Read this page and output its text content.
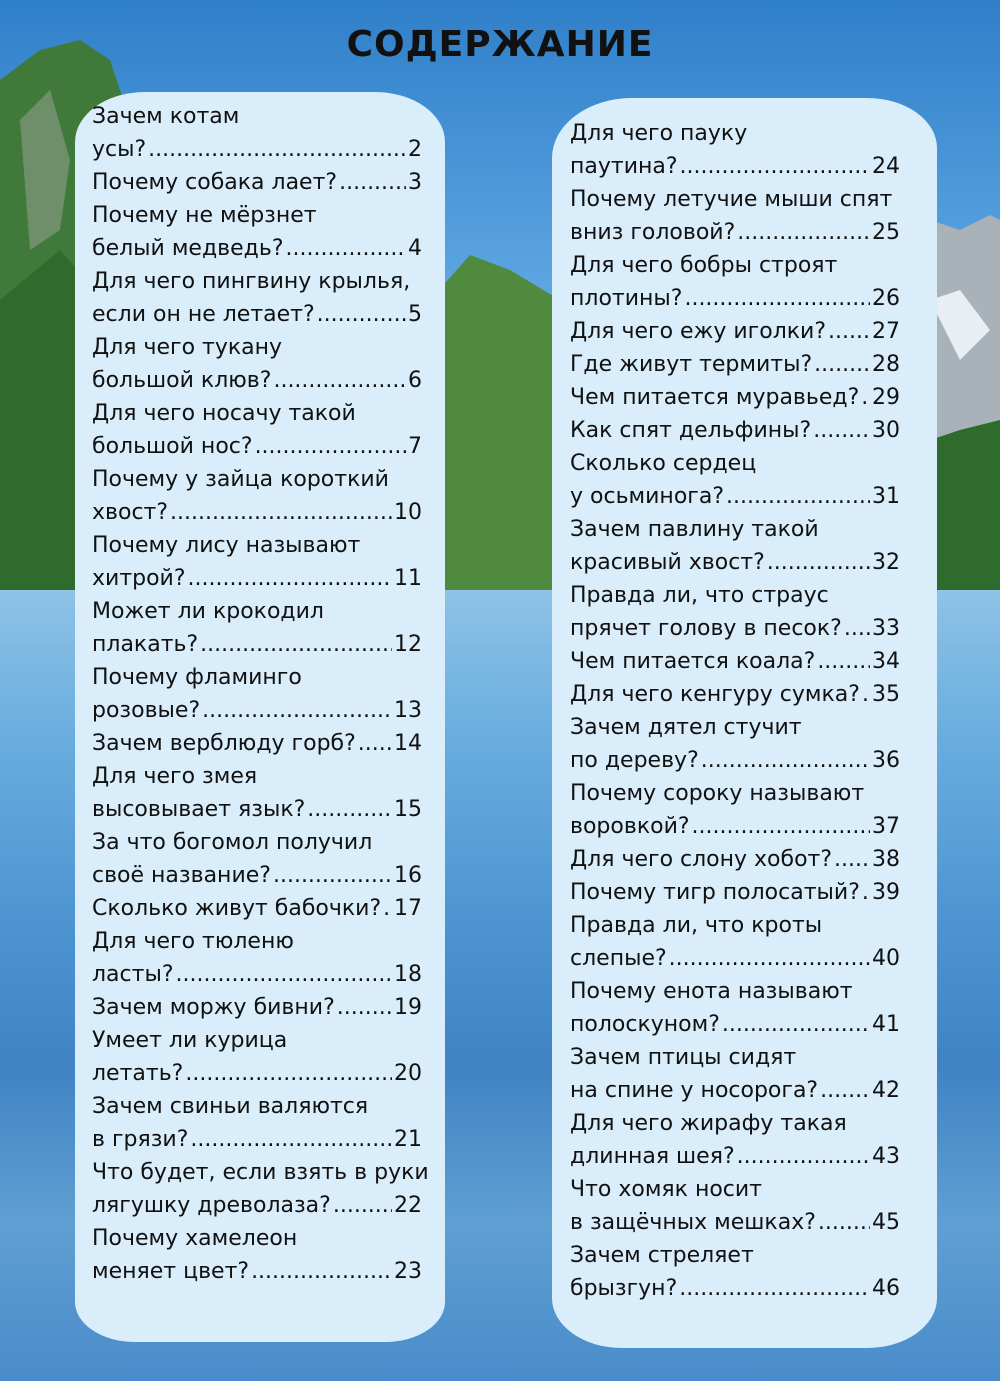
СОДЕРЖАНИЕ
Зачем котам
усы? .....	2
Почему собака лает? .....	3
Почему не мёрзнет
белый медведь? .....	4
Для чего пингвину крылья,
если он не летает? .....	5
Для чего тукану
большой клюв? .....	6
Для чего носачу такой
большой нос? .....	7
Почему у зайца короткий
хвост? .....	10
Почему лису называют
хитрой? .....	11
Может ли крокодил
плакать? .....	12
Почему фламинго
розовые? .....	13
Зачем верблюду горб? ..... 14
Для чего змея
высовывает язык? .....	15
За что богомол получил
своё название? .....	16
Сколько живут бабочки? ..... 17
Для чего тюленю
ласты? .....	18
Зачем моржу бивни? .....	19
Умеет ли курица
летать? .....	20
Зачем свиньи валяются
в грязи? .....	21
Что будет, если взять в руки
лягушку древолаза? .....	22
Почему хамелеон
меняет цвет? .....	23
Для чего пауку
паутина? .....	24
Почему летучие мыши спят
вниз головой? .....	25
Для чего бобры строят
плотины? .....	26
Для чего ежу иголки? ..... 27
Где живут термиты? .....	28
Чем питается муравьед? ..... 29
Как спят дельфины? .....	30
Сколько сердец
у осьминога? .....	31
Зачем павлину такой
красивый хвост? .....	32
Правда ли, что страус
прячет голову в песок? ..... 33
Чем питается коала? .....	34
Для чего кенгуру сумка? ..... 35
Зачем дятел стучит
по дереву? .....	36
Почему сороку называют
воровкой? .....	37
Для чего слону хобот? ..... 38
Почему тигр полосатый? ..... 39
Правда ли, что кроты
слепые? .....	40
Почему енота называют
полоскуном? .....	41
Зачем птицы сидят
на спине у носорога? ..... 42
Для чего жирафу такая
длинная шея? .....	43
Что хомяк носит
в защёчных мешках? .....	45
Зачем стреляет
брызгун? .....	46
